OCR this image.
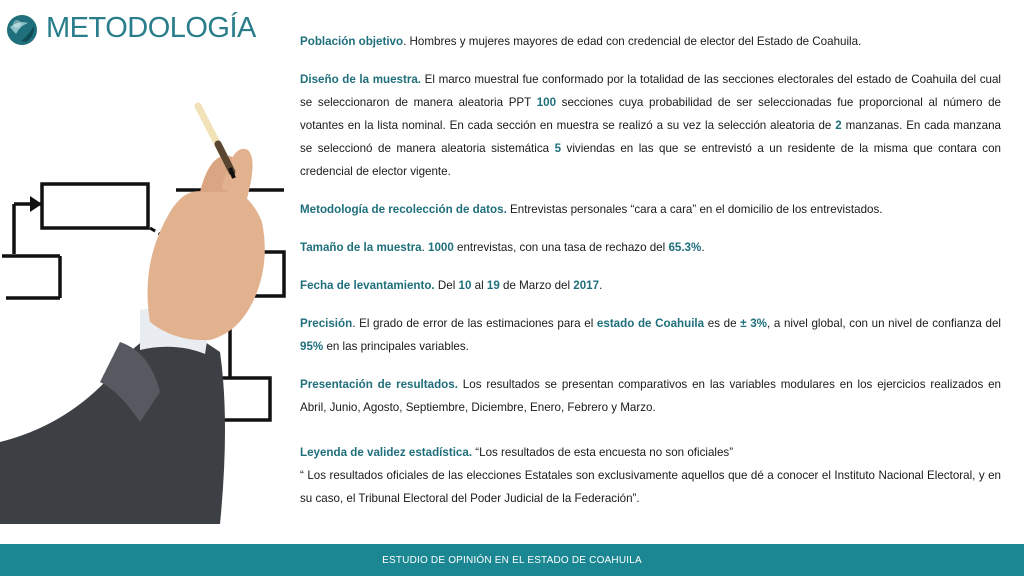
METODOLOGÍA	Población objetivo. Hombres y mujeres mayores de edad con credencial de elector del Estado de Coahuila.

Diseño de la muestra. El marco muestral fue conformado por la totalidad de las secciones electorales del estado de Coahuila del cual se seleccionaron de manera aleatoria PPT 100 secciones cuya probabilidad de ser seleccionadas fue proporcional al número de votantes en la lista nominal. En cada sección en muestra se realizó a su vez la selección aleatoria de 2 manzanas. En cada manzana se seleccionó de manera aleatoria sistemática 5 viviendas en las que se entrevistó a un residente de la misma que contara con credencial de elector vigente.

Metodología de recolección de datos. Entrevistas personales “cara a cara” en el domicilio de los entrevistados.

Tamaño de la muestra. 1000 entrevistas, con una tasa de rechazo del 65.3%.

Fecha de levantamiento. Del 10 al 19 de Marzo del 2017.

Precisión. El grado de error de las estimaciones para el estado de Coahuila es de ± 3%, a nivel global, con un nivel de confianza del 95% en las principales variables.

Presentación de resultados. Los resultados se presentan comparativos en las variables modulares en los ejercicios realizados en Abril, Junio, Agosto, Septiembre, Diciembre, Enero, Febrero y Marzo.

Leyenda de validez estadística. “Los resultados de esta encuesta no son oficiales”
“ Los resultados oficiales de las elecciones Estatales son exclusivamente aquellos que dé a conocer el Instituto Nacional Electoral, y en su caso, el Tribunal Electoral del Poder Judicial de la Federación”.

ESTUDIO DE OPINIÓN EN EL ESTADO DE COAHUILA
